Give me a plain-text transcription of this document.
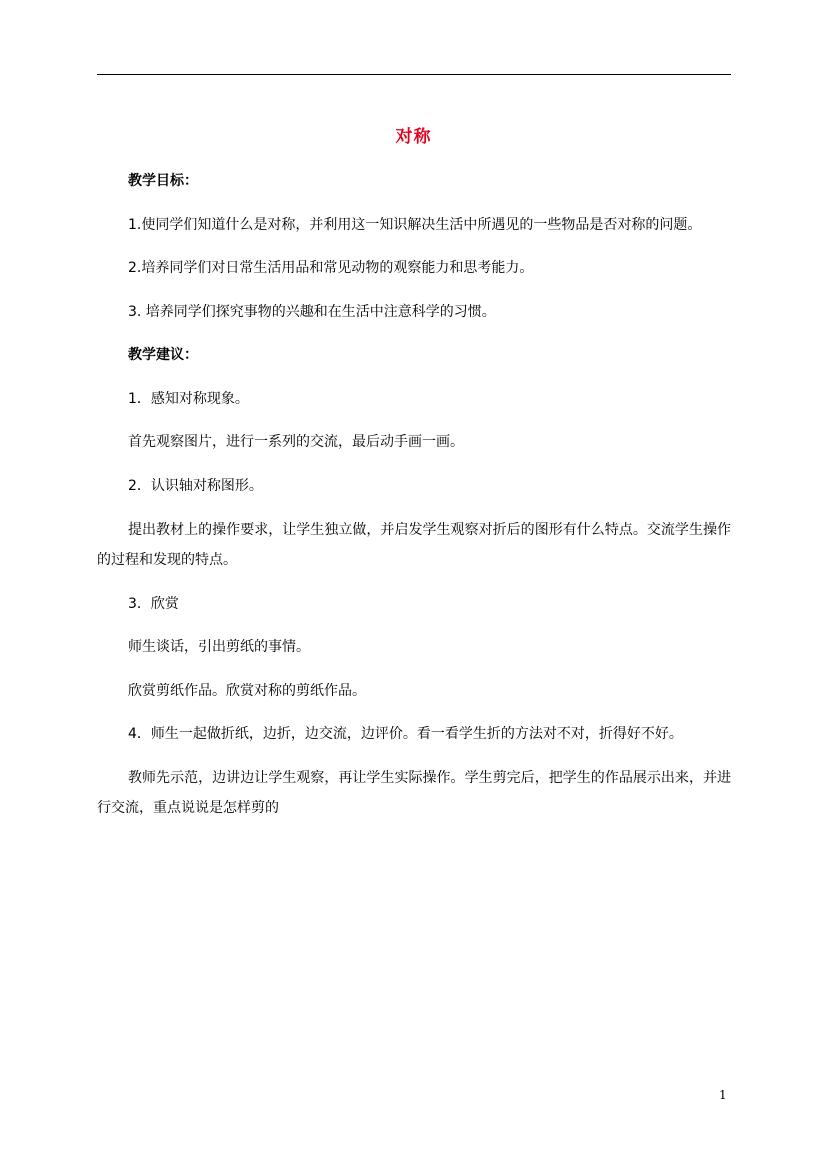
对称
教学目标：
1.使同学们知道什么是对称，并利用这一知识解决生活中所遇见的一些物品是否对称的问题。
2.培养同学们对日常生活用品和常见动物的观察能力和思考能力。
3. 培养同学们探究事物的兴趣和在生活中注意科学的习惯。
教学建议：
1．感知对称现象。
首先观察图片，进行一系列的交流，最后动手画一画。
2．认识轴对称图形。
提出教材上的操作要求，让学生独立做，并启发学生观察对折后的图形有什么特点。交流学生操作的过程和发现的特点。
3．欣赏
师生谈话，引出剪纸的事情。
欣赏剪纸作品。欣赏对称的剪纸作品。
4．师生一起做折纸，边折，边交流，边评价。看一看学生折的方法对不对，折得好不好。
教师先示范，边讲边让学生观察，再让学生实际操作。学生剪完后，把学生的作品展示出来，并进行交流，重点说说是怎样剪的
1
